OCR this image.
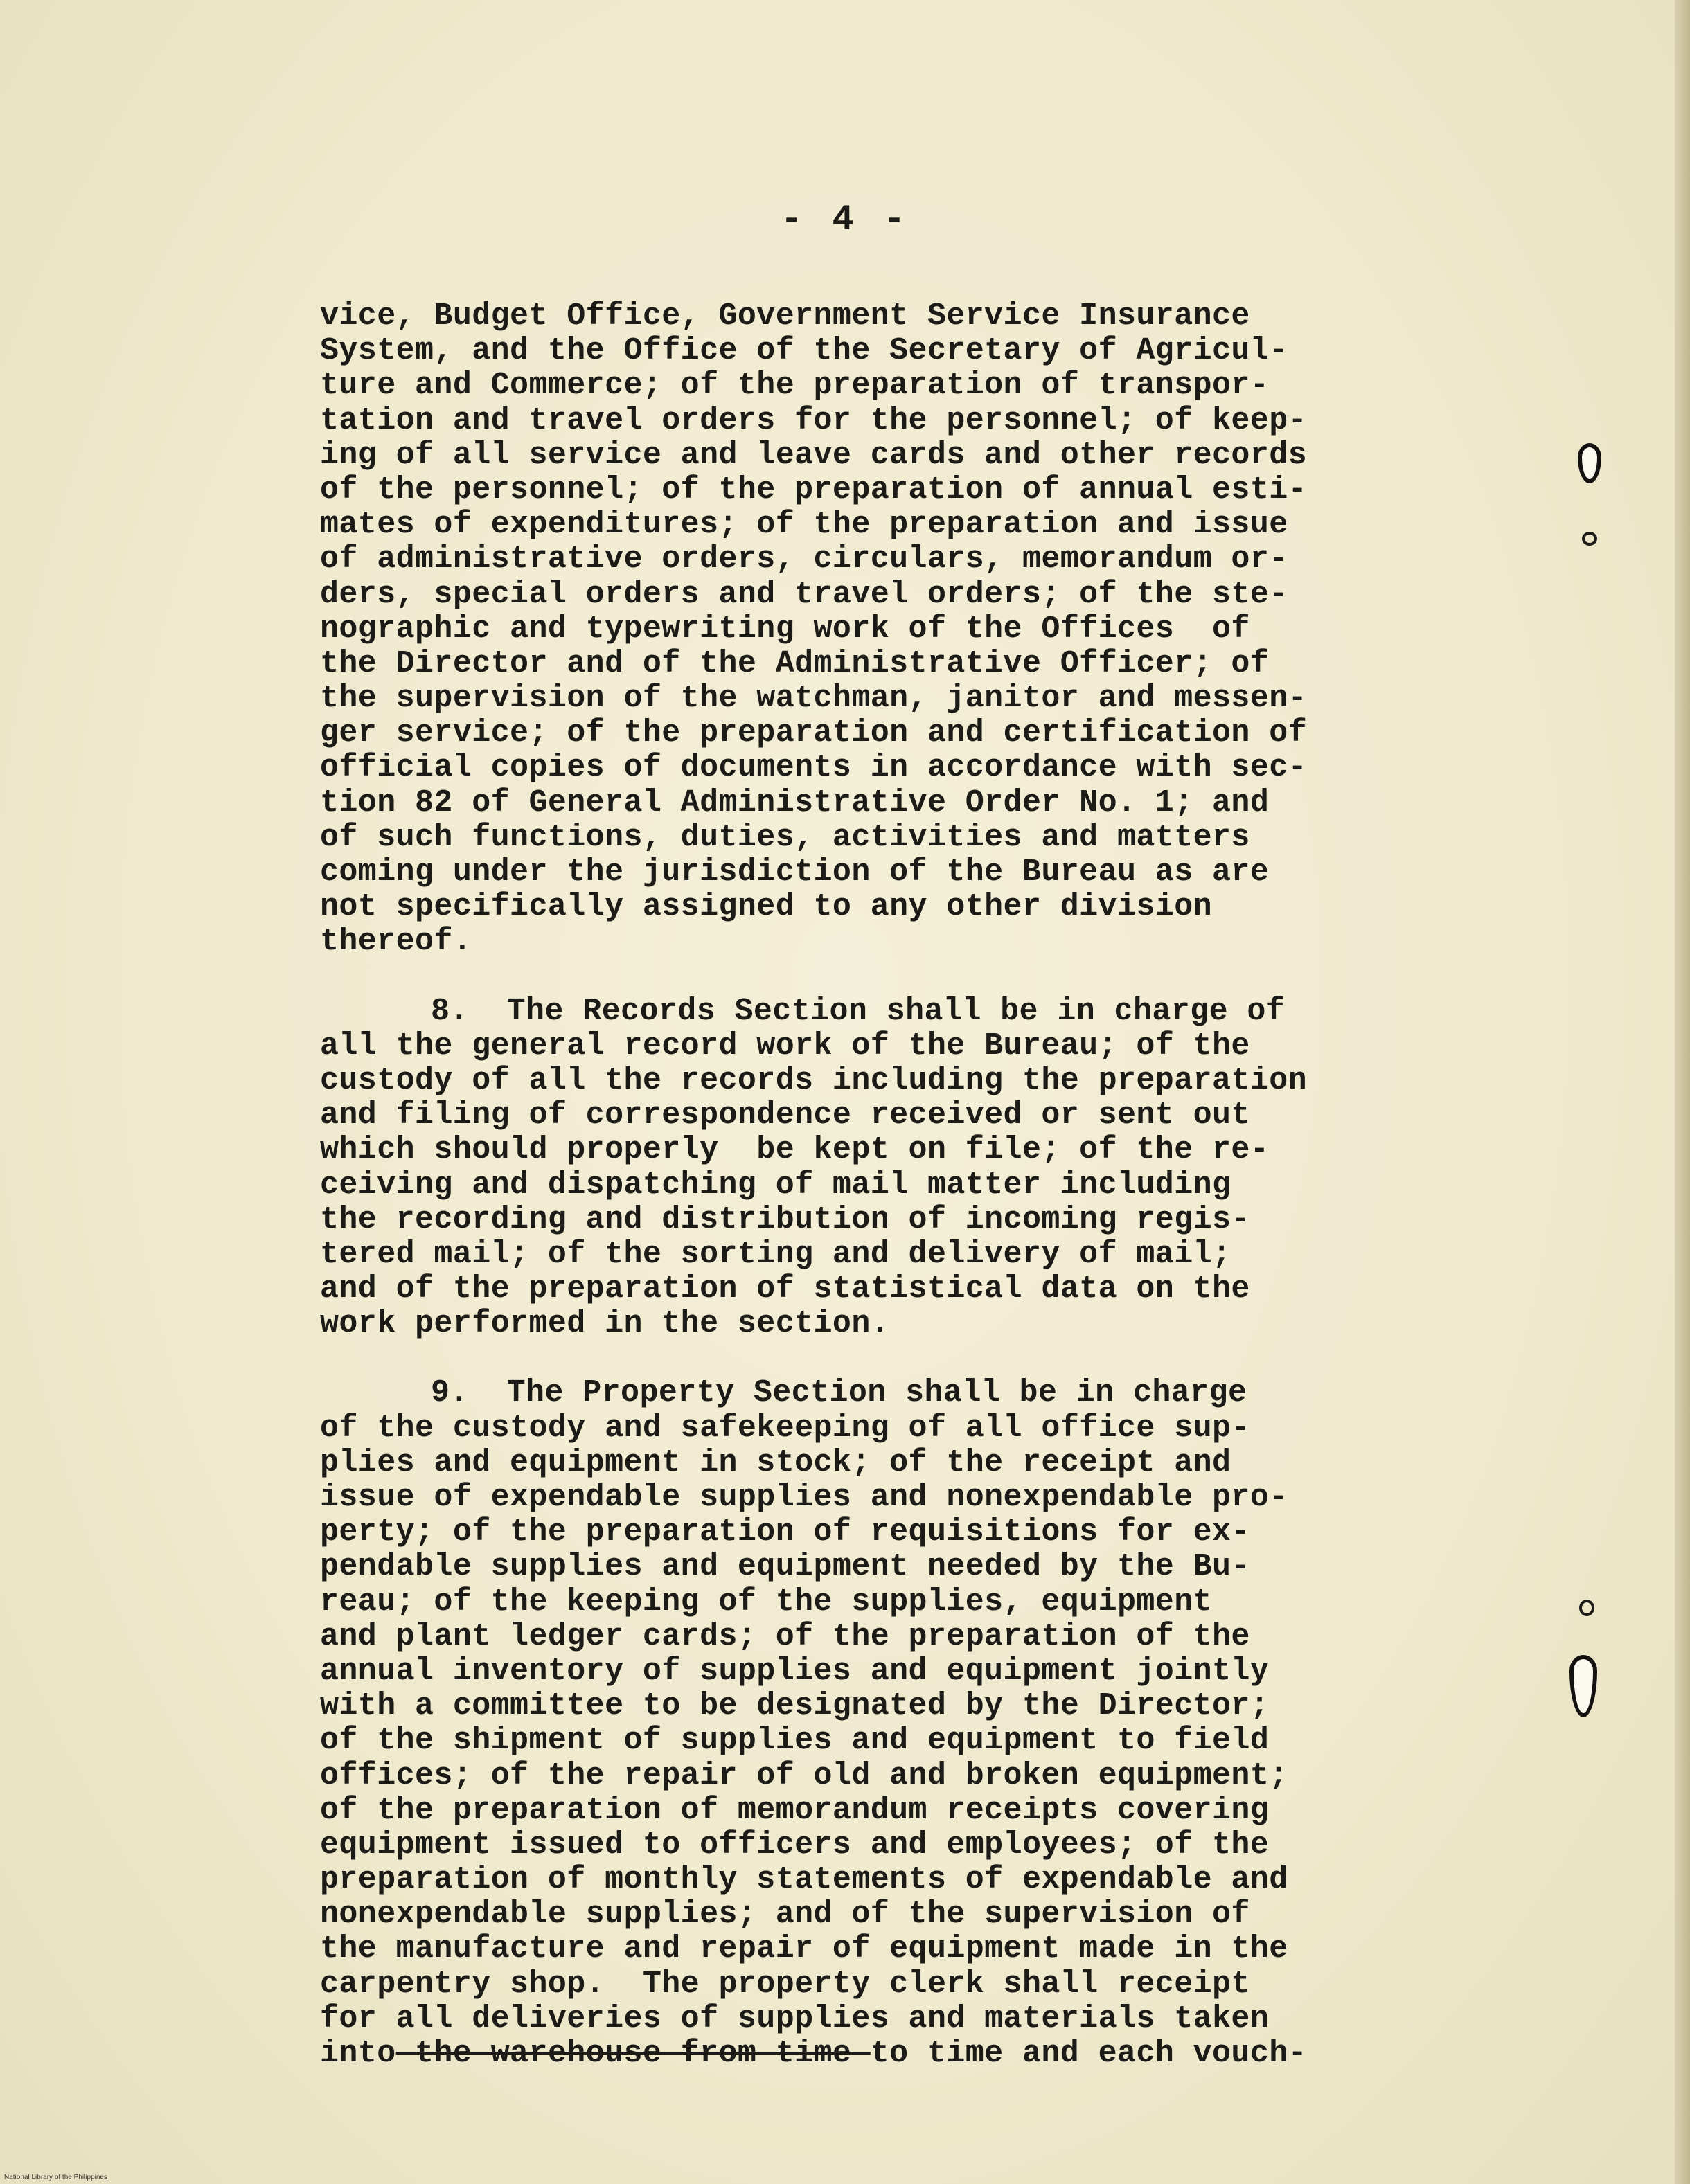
- 4 -
vice, Budget Office, Government Service Insurance
System, and the Office of the Secretary of Agricul-
ture and Commerce; of the preparation of transpor-
tation and travel orders for the personnel; of keep-
ing of all service and leave cards and other records
of the personnel; of the preparation of annual esti-
mates of expenditures; of the preparation and issue
of administrative orders, circulars, memorandum or-
ders, special orders and travel orders; of the ste-
nographic and typewriting work of the Offices  of
the Director and of the Administrative Officer; of
the supervision of the watchman, janitor and messen-
ger service; of the preparation and certification of
official copies of documents in accordance with sec-
tion 82 of General Administrative Order No. 1; and
of such functions, duties, activities and matters
coming under the jurisdiction of the Bureau as are
not specifically assigned to any other division
thereof.
8.  The Records Section shall be in charge of
all the general record work of the Bureau; of the
custody of all the records including the preparation
and filing of correspondence received or sent out
which should properly  be kept on file; of the re-
ceiving and dispatching of mail matter including
the recording and distribution of incoming regis-
tered mail; of the sorting and delivery of mail;
and of the preparation of statistical data on the
work performed in the section.
9.  The Property Section shall be in charge
of the custody and safekeeping of all office sup-
plies and equipment in stock; of the receipt and
issue of expendable supplies and nonexpendable pro-
perty; of the preparation of requisitions for ex-
pendable supplies and equipment needed by the Bu-
reau; of the keeping of the supplies, equipment
and plant ledger cards; of the preparation of the
annual inventory of supplies and equipment jointly
with a committee to be designated by the Director;
of the shipment of supplies and equipment to field
offices; of the repair of old and broken equipment;
of the preparation of memorandum receipts covering
equipment issued to officers and employees; of the
preparation of monthly statements of expendable and
nonexpendable supplies; and of the supervision of
the manufacture and repair of equipment made in the
carpentry shop.  The property clerk shall receipt
for all deliveries of supplies and materials taken
into the warehouse from time to time and each vouch-
National Library of the Philippines
